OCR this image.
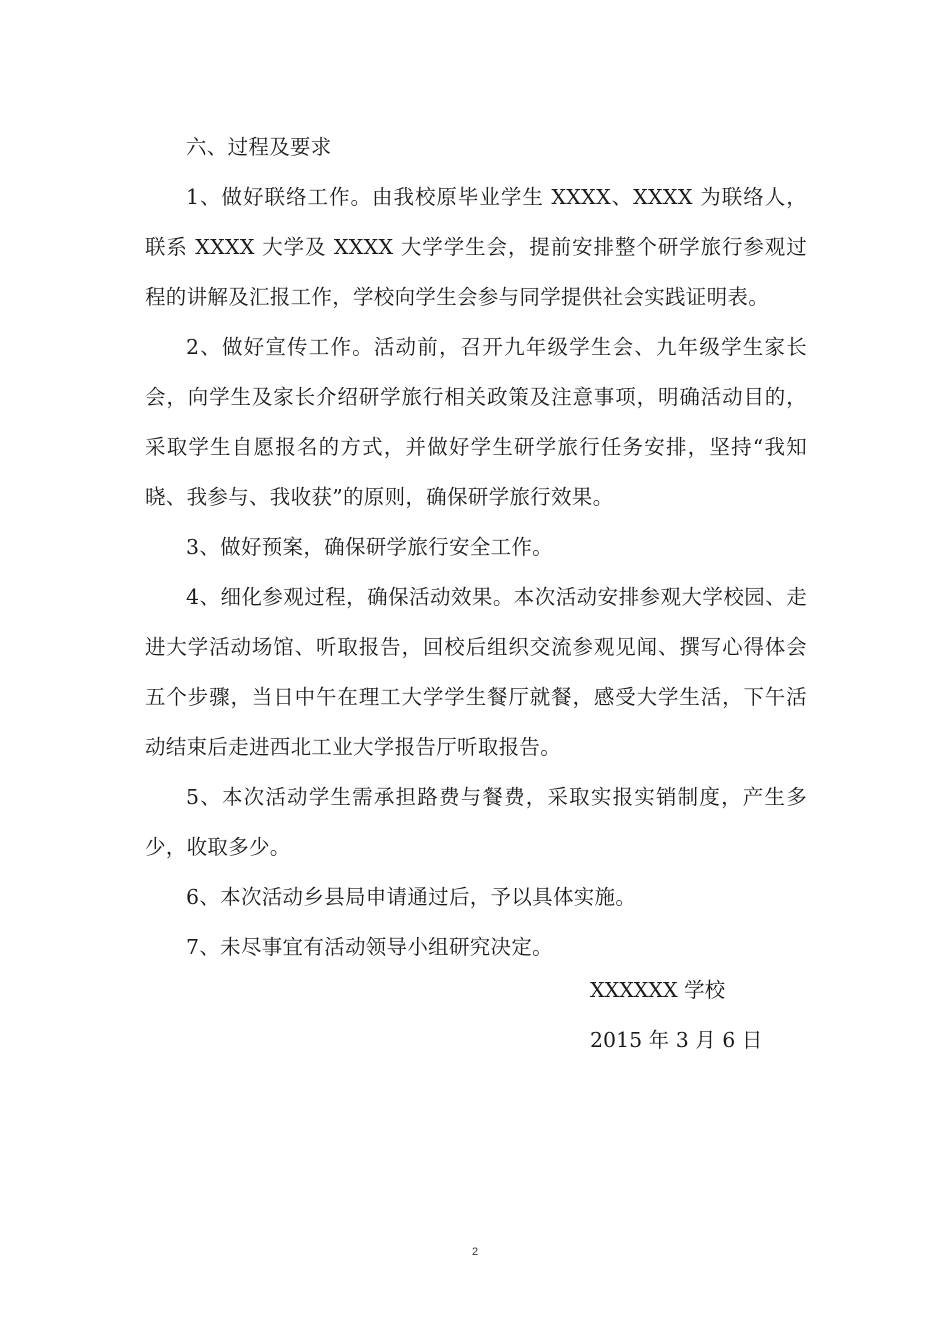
六、过程及要求

1、做好联络工作。由我校原毕业学生 XXXX、XXXX 为联络人，联系 XXXX 大学及 XXXX 大学学生会，提前安排整个研学旅行参观过程的讲解及汇报工作，学校向学生会参与同学提供社会实践证明表。

2、做好宣传工作。活动前，召开九年级学生会、九年级学生家长会，向学生及家长介绍研学旅行相关政策及注意事项，明确活动目的，采取学生自愿报名的方式，并做好学生研学旅行任务安排，坚持“我知晓、我参与、我收获”的原则，确保研学旅行效果。

3、做好预案，确保研学旅行安全工作。

4、细化参观过程，确保活动效果。本次活动安排参观大学校园、走进大学活动场馆、听取报告，回校后组织交流参观见闻、撰写心得体会五个步骤，当日中午在理工大学学生餐厅就餐，感受大学生活，下午活动结束后走进西北工业大学报告厅听取报告。

5、本次活动学生需承担路费与餐费，采取实报实销制度，产生多少，收取多少。

6、本次活动乡县局申请通过后，予以具体实施。

7、未尽事宜有活动领导小组研究决定。

XXXXXX 学校
2015 年 3 月 6 日
2
